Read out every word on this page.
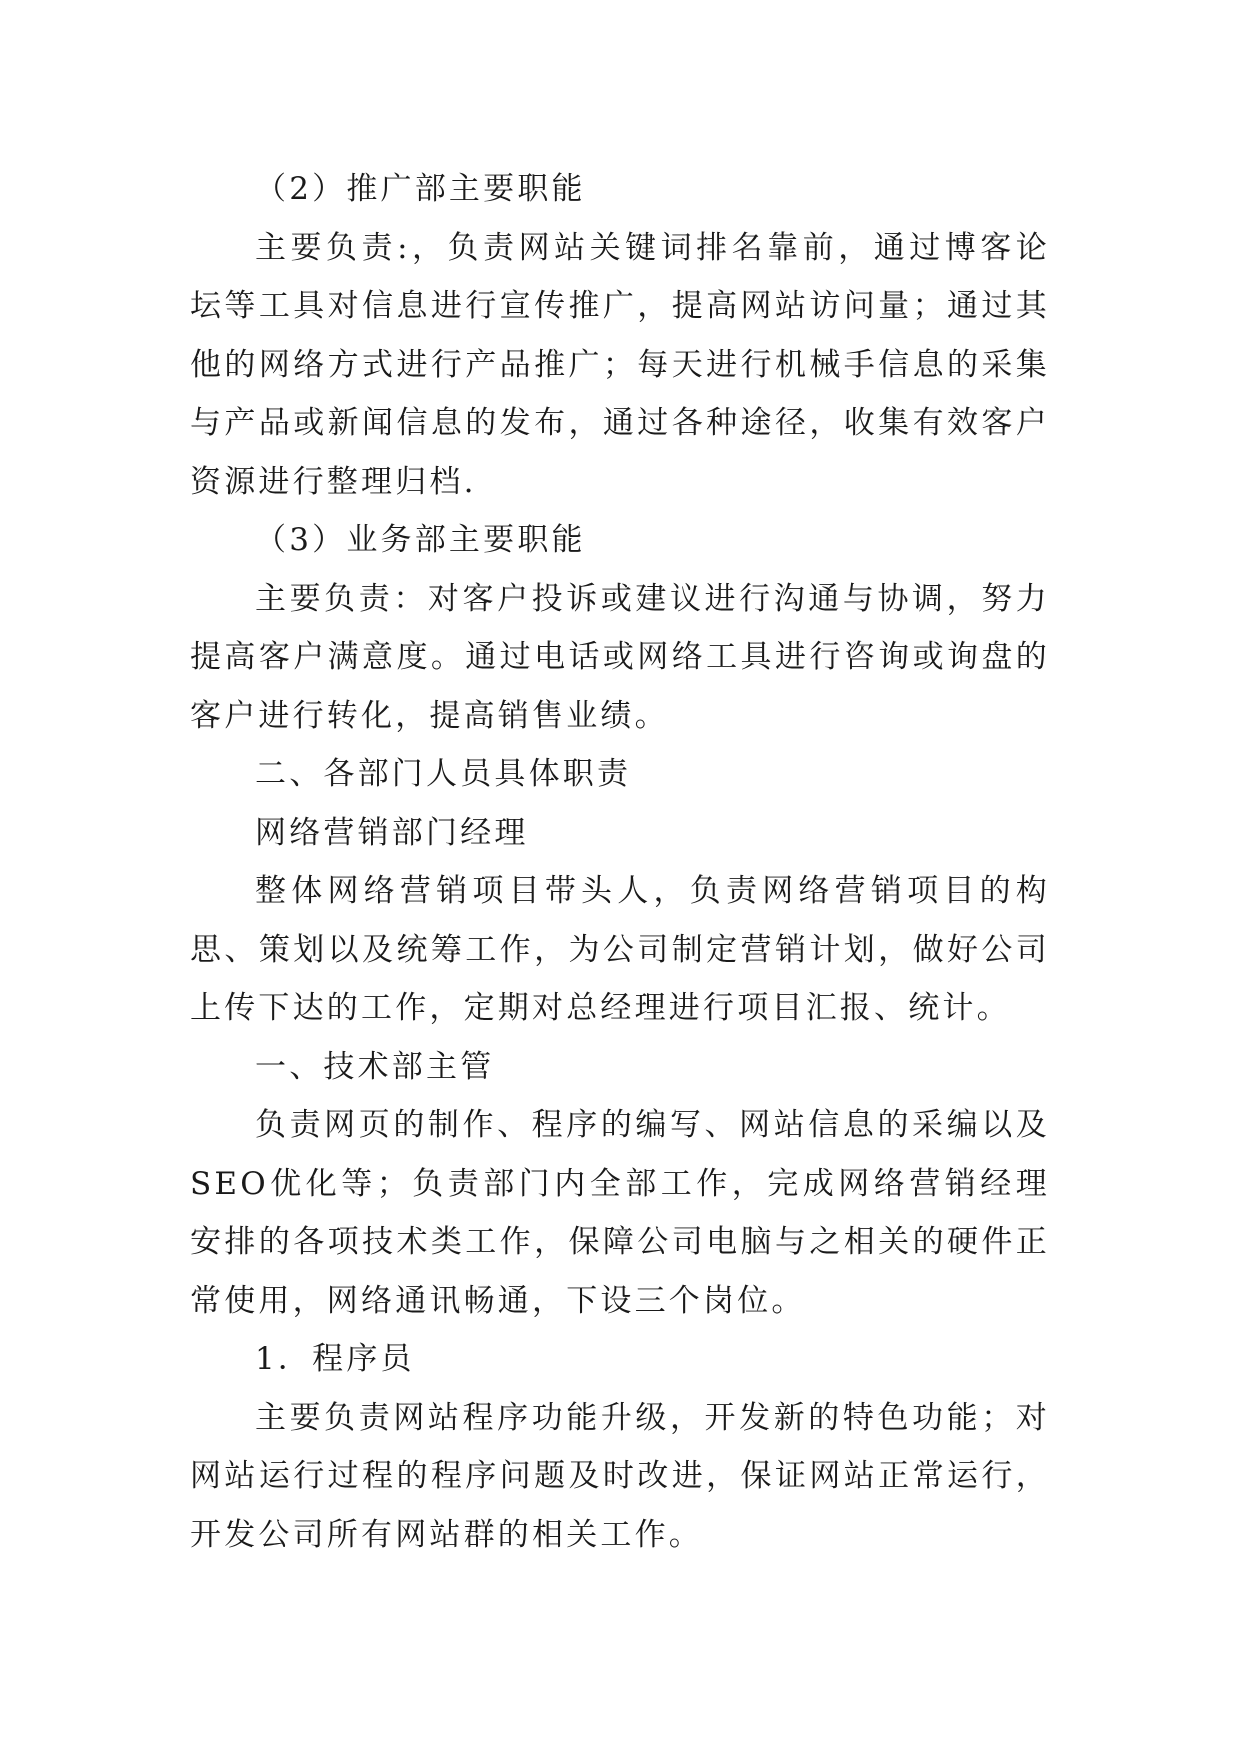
（2）推广部主要职能

主要负责:，负责网站关键词排名靠前，通过博客论坛等工具对信息进行宣传推广，提高网站访问量；通过其他的网络方式进行产品推广；每天进行机械手信息的采集与产品或新闻信息的发布，通过各种途径，收集有效客户资源进行整理归档.

（3）业务部主要职能

主要负责：对客户投诉或建议进行沟通与协调，努力提高客户满意度。通过电话或网络工具进行咨询或询盘的客户进行转化，提高销售业绩。

二、各部门人员具体职责

网络营销部门经理

整体网络营销项目带头人，负责网络营销项目的构思、策划以及统筹工作，为公司制定营销计划，做好公司上传下达的工作，定期对总经理进行项目汇报、统计。

一、技术部主管

负责网页的制作、程序的编写、网站信息的采编以及SEO优化等；负责部门内全部工作，完成网络营销经理安排的各项技术类工作，保障公司电脑与之相关的硬件正常使用，网络通讯畅通，下设三个岗位。

1．程序员

主要负责网站程序功能升级，开发新的特色功能；对网站运行过程的程序问题及时改进，保证网站正常运行，开发公司所有网站群的相关工作。
